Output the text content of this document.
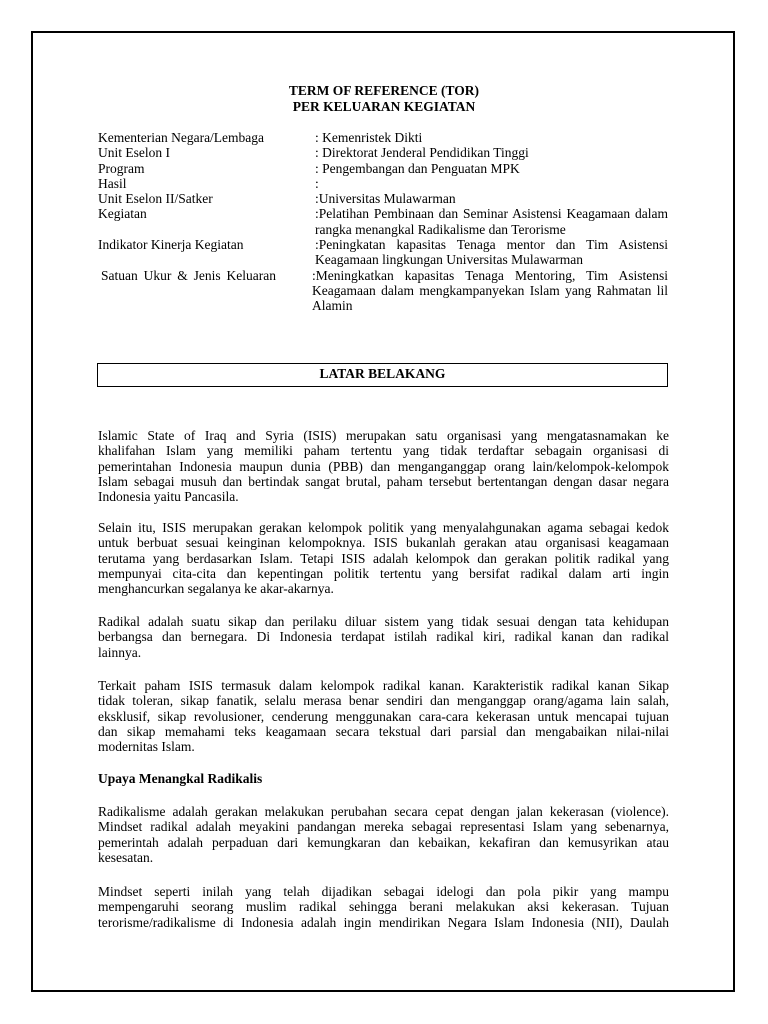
TERM OF REFERENCE (TOR)
PER KELUARAN KEGIATAN
Kementerian Negara/Lembaga	: Kemenristek Dikti
Unit Eselon I	: Direktorat Jenderal Pendidikan Tinggi
Program	: Pengembangan dan Penguatan MPK
Hasil	:
Unit Eselon II/Satker	:Universitas Mulawarman
Kegiatan	:Pelatihan Pembinaan dan Seminar Asistensi Keagamaan dalam rangka menangkal Radikalisme dan Terorisme
Indikator Kinerja Kegiatan	:Peningkatan kapasitas Tenaga mentor dan Tim Asistensi Keagamaan lingkungan Universitas Mulawarman
Satuan Ukur & Jenis Keluaran	:Meningkatkan kapasitas Tenaga Mentoring, Tim Asistensi Keagamaan dalam mengkampanyekan Islam yang Rahmatan lil Alamin
LATAR BELAKANG
Islamic State of Iraq and Syria (ISIS) merupakan satu organisasi yang mengatasnamakan ke
khalifahan Islam yang memiliki paham tertentu yang tidak terdaftar sebagain organisasi di
pemerintahan Indonesia maupun dunia (PBB) dan menganganggap orang lain/kelompok-kelompok
Islam sebagai musuh dan bertindak sangat brutal, paham tersebut bertentangan dengan dasar negara
Indonesia yaitu Pancasila.
Selain itu, ISIS merupakan gerakan kelompok politik yang menyalahgunakan agama sebagai kedok
untuk berbuat sesuai keinginan kelompoknya. ISIS bukanlah gerakan atau organisasi keagamaan
terutama yang berdasarkan Islam. Tetapi ISIS adalah kelompok dan gerakan politik radikal yang
mempunyai cita-cita dan kepentingan politik tertentu yang bersifat radikal dalam arti ingin
menghancurkan segalanya ke akar-akarnya.
Radikal adalah suatu sikap dan perilaku diluar sistem yang tidak sesuai dengan tata kehidupan
berbangsa dan bernegara. Di Indonesia terdapat istilah radikal kiri, radikal kanan dan radikal
lainnya.
Terkait paham ISIS termasuk dalam kelompok radikal kanan. Karakteristik radikal kanan Sikap
tidak toleran, sikap fanatik, selalu merasa benar sendiri dan menganggap orang/agama lain salah,
eksklusif, sikap revolusioner, cenderung menggunakan cara-cara kekerasan untuk mencapai tujuan
dan sikap memahami teks keagamaan secara tekstual dari parsial dan mengabaikan nilai-nilai
modernitas Islam.
Upaya Menangkal Radikalis
Radikalisme adalah gerakan melakukan perubahan secara cepat dengan jalan kekerasan (violence).
Mindset radikal adalah meyakini pandangan mereka sebagai representasi Islam yang sebenarnya,
pemerintah adalah perpaduan dari kemungkaran dan kebaikan, kekafiran dan kemusyrikan atau
kesesatan.
Mindset seperti inilah yang telah dijadikan sebagai idelogi dan pola pikir yang mampu
mempengaruhi seorang muslim radikal sehingga berani melakukan aksi kekerasan. Tujuan
terorisme/radikalisme di Indonesia adalah ingin mendirikan Negara Islam Indonesia (NII), Daulah
